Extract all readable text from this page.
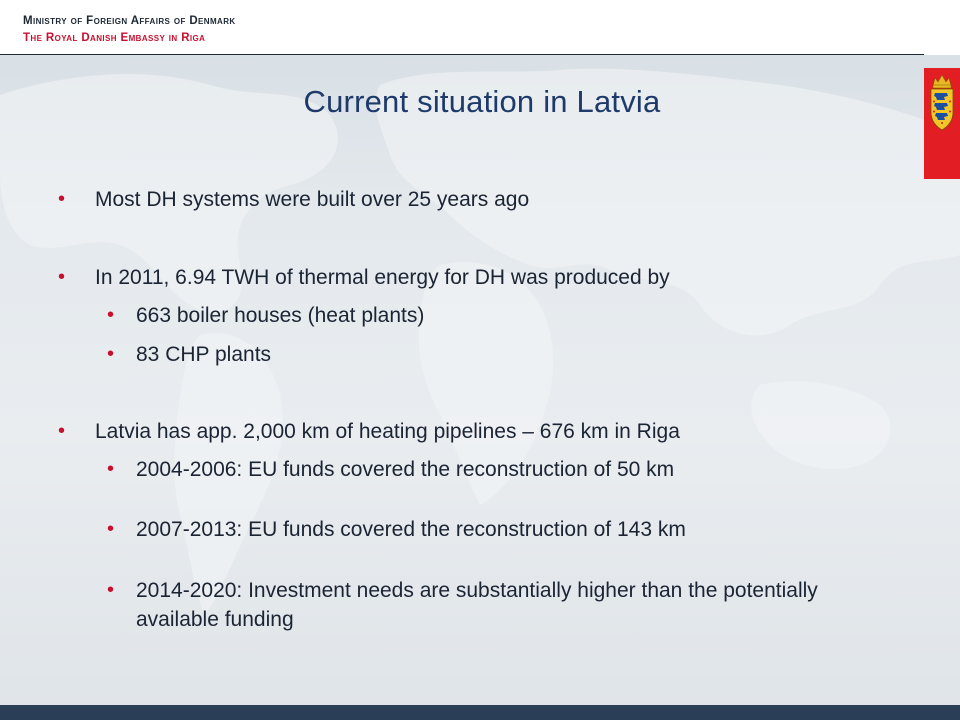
Ministry of Foreign Affairs of Denmark
The Royal Danish Embassy in Riga
Current situation in Latvia
• Most DH systems were built over 25 years ago
• In 2011, 6.94 TWH of thermal energy for DH was produced by
• 663 boiler houses (heat plants)
• 83 CHP plants
• Latvia has app. 2,000 km of heating pipelines – 676 km in Riga
• 2004-2006: EU funds covered the reconstruction of 50 km
• 2007-2013: EU funds covered the reconstruction of 143 km
• 2014-2020: Investment needs are substantially higher than the potentially available funding
